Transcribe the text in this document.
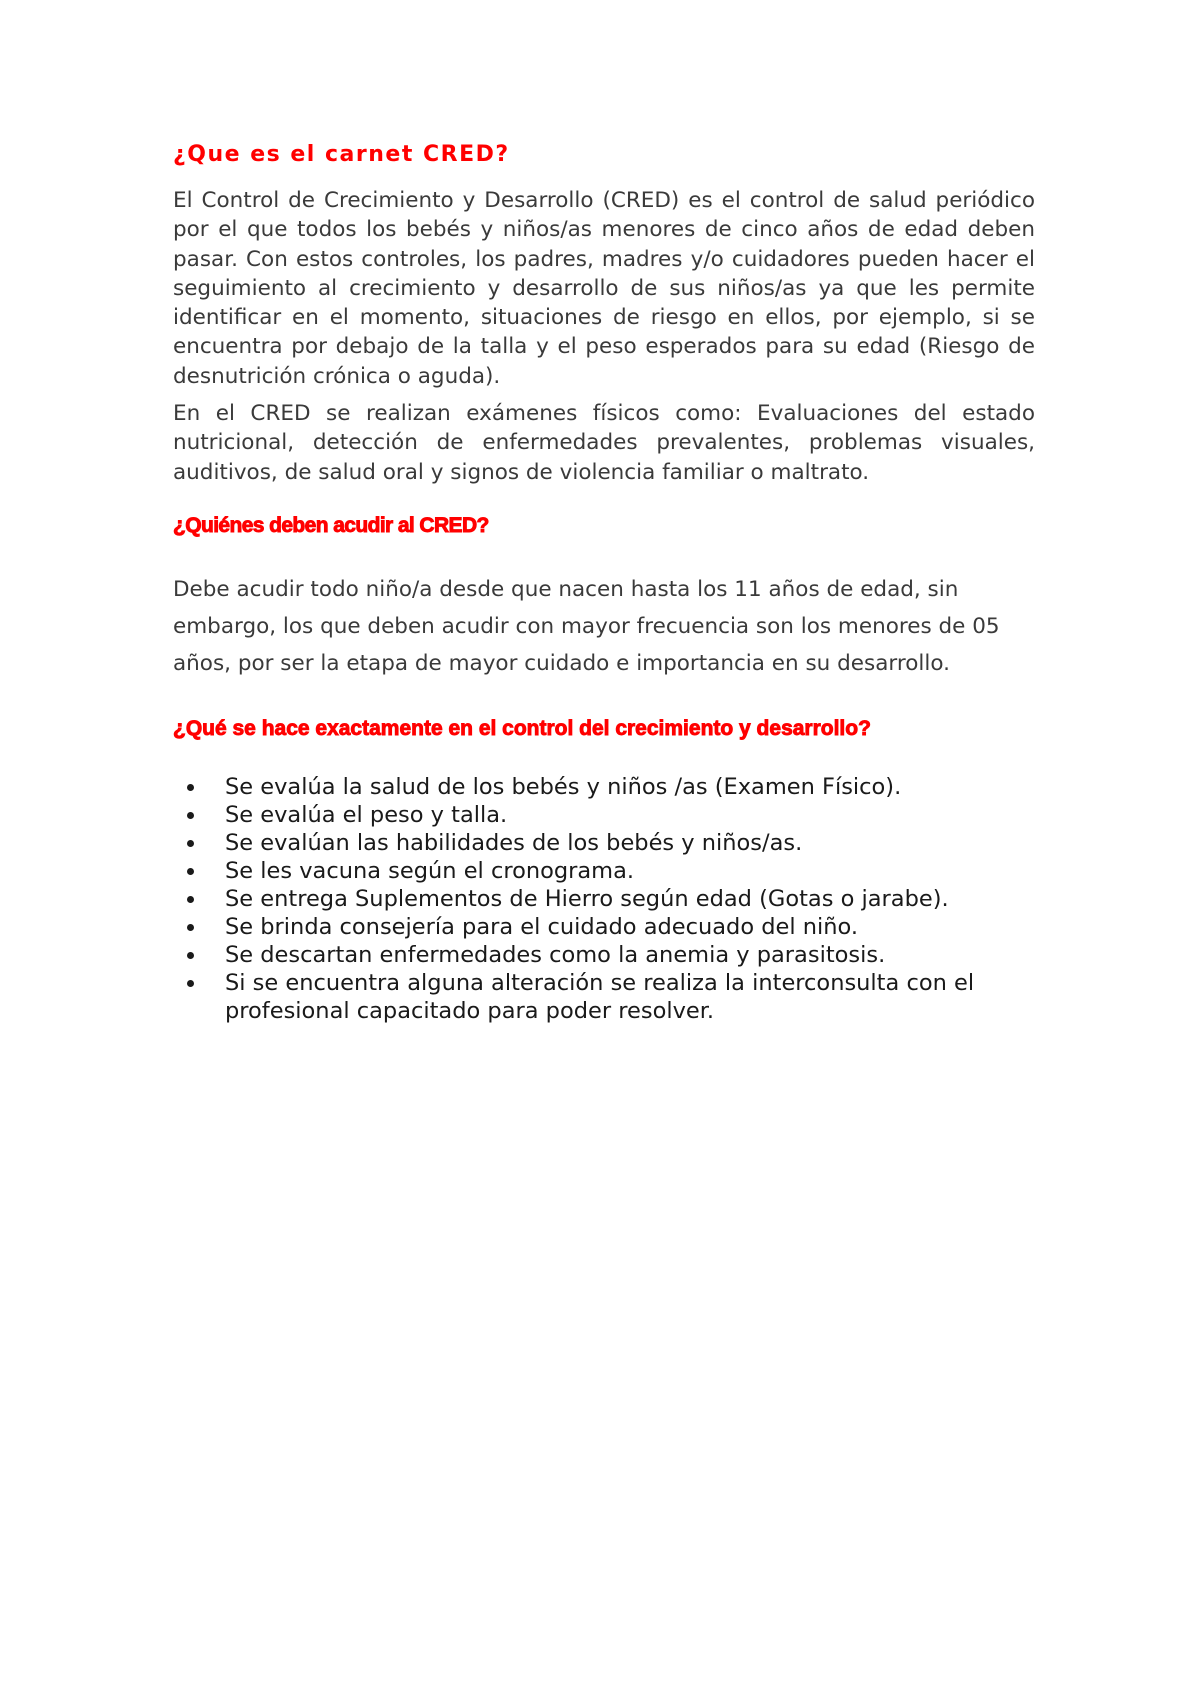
¿Que es el carnet CRED?

El Control de Crecimiento y Desarrollo (CRED) es el control de salud periódico por el que todos los bebés y niños/as menores de cinco años de edad deben pasar. Con estos controles, los padres, madres y/o cuidadores pueden hacer el seguimiento al crecimiento y desarrollo de sus niños/as ya que les permite identificar en el momento, situaciones de riesgo en ellos, por ejemplo, si se encuentra por debajo de la talla y el peso esperados para su edad (Riesgo de desnutrición crónica o aguda).

En el CRED se realizan exámenes físicos como: Evaluaciones del estado nutricional, detección de enfermedades prevalentes, problemas visuales, auditivos, de salud oral y signos de violencia familiar o maltrato.

¿Quiénes deben acudir al CRED?

Debe acudir todo niño/a desde que nacen hasta los 11 años de edad, sin embargo, los que deben acudir con mayor frecuencia son los menores de 05 años, por ser la etapa de mayor cuidado e importancia en su desarrollo.

¿Qué se hace exactamente en el control del crecimiento y desarrollo?
Se evalúa la salud de los bebés y niños /as (Examen Físico).
Se evalúa el peso y talla.
Se evalúan las habilidades de los bebés y niños/as.
Se les vacuna según el cronograma.
Se entrega Suplementos de Hierro según edad (Gotas o jarabe).
Se brinda consejería para el cuidado adecuado del niño.
Se descartan enfermedades como la anemia y parasitosis.
Si se encuentra alguna alteración se realiza la interconsulta con el profesional capacitado para poder resolver.
